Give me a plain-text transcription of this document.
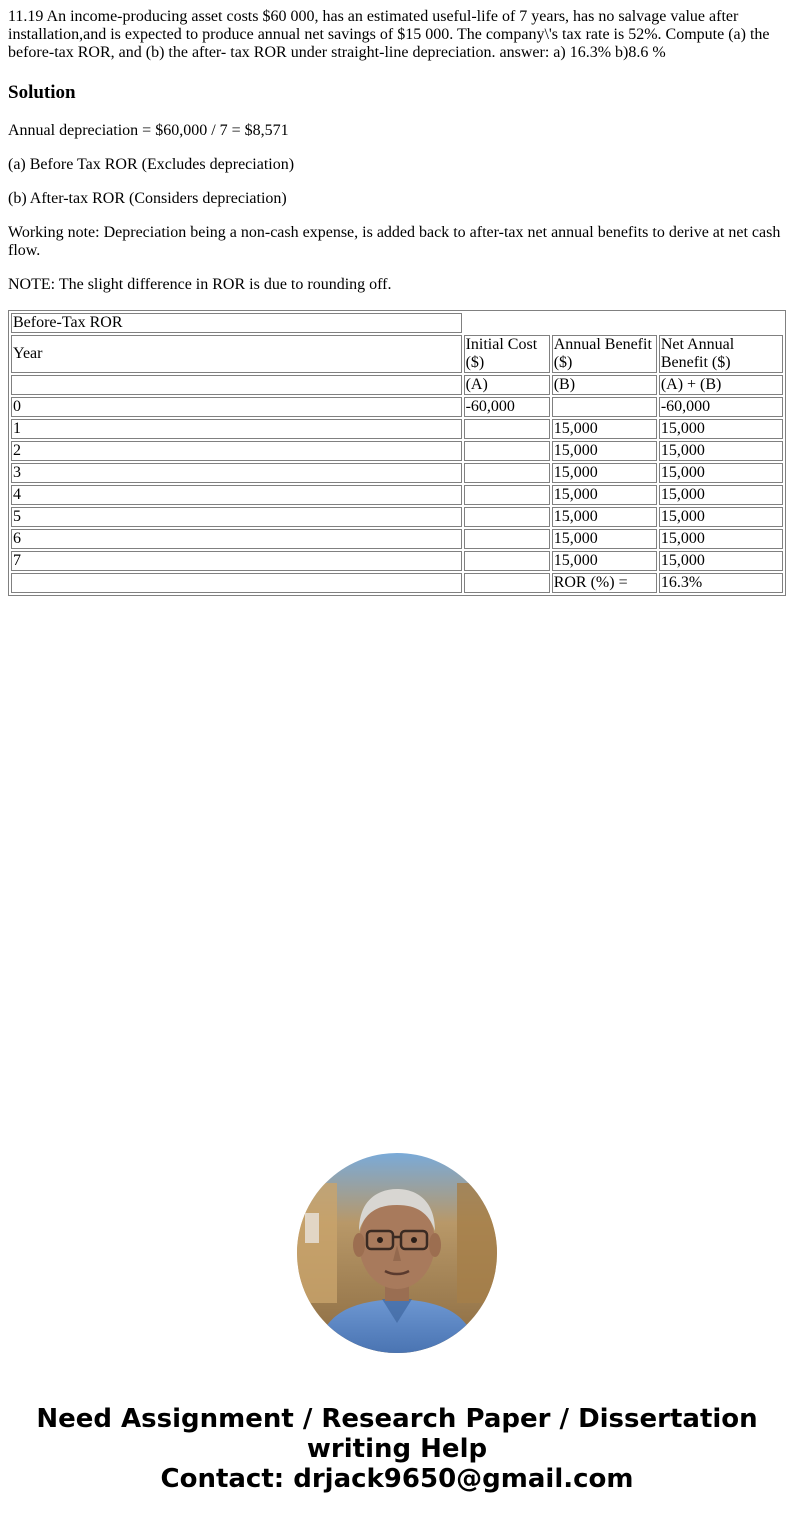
11.19 An income-producing asset costs $60 000, has an estimated useful-life of 7 years, has no salvage value after installation,and is expected to produce annual net savings of $15 000. The company\'s tax rate is 52%. Compute (a) the before-tax ROR, and (b) the after- tax ROR under straight-line depreciation. answer: a) 16.3% b)8.6 %

Solution

Annual depreciation = $60,000 / 7 = $8,571

(a) Before Tax ROR (Excludes depreciation)

(b) After-tax ROR (Considers depreciation)

Working note: Depreciation being a non-cash expense, is added back to after-tax net annual benefits to derive at net cash flow.

NOTE: The slight difference in ROR is due to rounding off.

Before-Tax ROR			
Year	Initial Cost ($)	Annual Benefit ($)	Net Annual Benefit ($)
	(A)	(B)	(A) + (B)
0	-60,000		-60,000
1		15,000	15,000
2		15,000	15,000
3		15,000	15,000
4		15,000	15,000
5		15,000	15,000
6		15,000	15,000
7		15,000	15,000
		ROR (%) =	16.3%
Need Assignment / Research Paper / Dissertation
writing Help
Contact: drjack9650@gmail.com
